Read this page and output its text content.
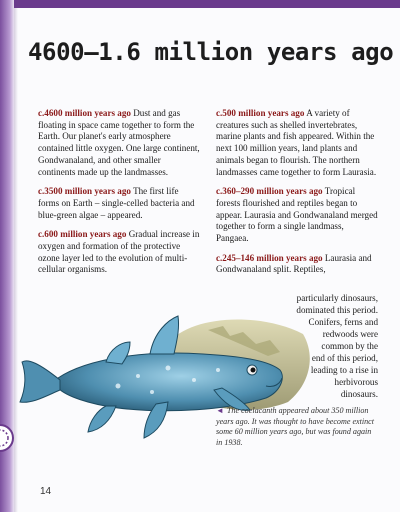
4600–1.6 million years ago

c.4600 million years ago Dust and gas floating in space came together to form the Earth. Our planet's early atmosphere contained little oxygen. One large continent, Gondwanaland, and other smaller continents made up the landmasses.

c.3500 million years ago The first life forms on Earth – single-celled bacteria and blue-green algae – appeared.

c.600 million years ago Gradual increase in oxygen and formation of the protective ozone layer led to the evolution of multi-cellular organisms.

c.500 million years ago A variety of creatures such as shelled invertebrates, marine plants and fish appeared. Within the next 100 million years, land plants and animals began to flourish. The northern landmasses came together to form Laurasia.

c.360–290 million years ago Tropical forests flourished and reptiles began to appear. Laurasia and Gondwanaland merged together to form a single landmass, Pangaea.

c.245–146 million years ago Laurasia and Gondwanaland split. Reptiles,

particularly dinosaurs,
dominated this period.
Conifers, ferns and
redwoods were
common by the
end of this period,
leading to a rise in
herbivorous
dinosaurs.
◄ The coelacanth appeared about 350 million years ago. It was thought to have become extinct some 60 million years ago, but was found again in 1938.
14
